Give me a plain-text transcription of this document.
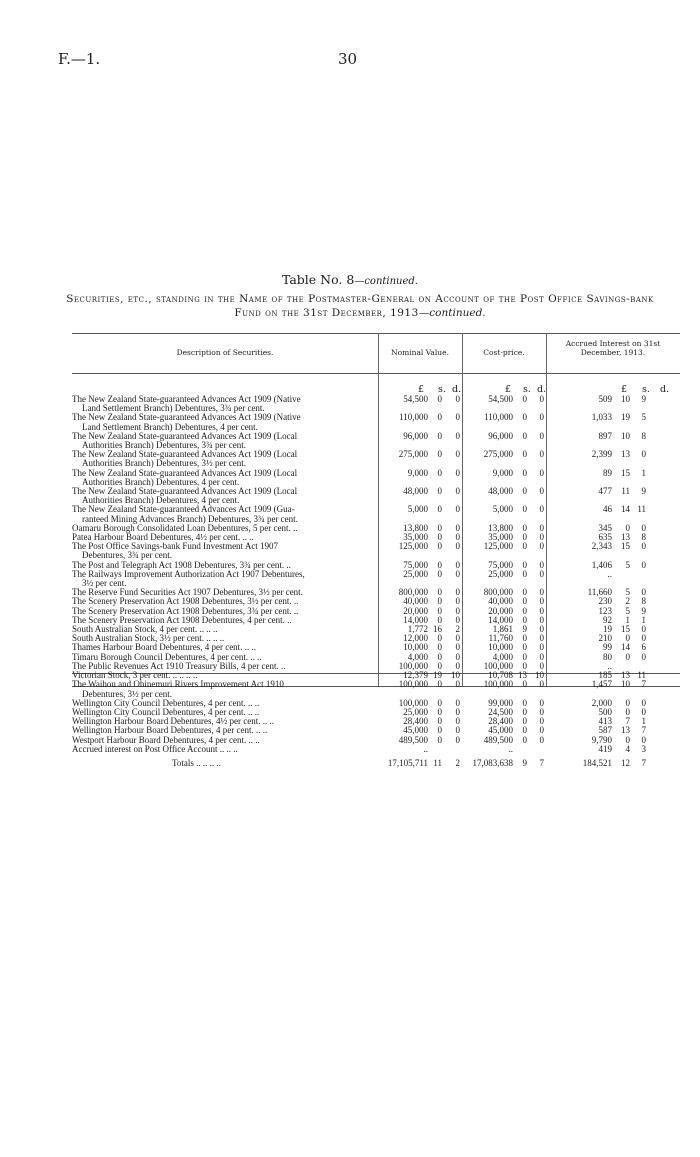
F.—1.	30
Table No. 8—continued.
Securities, etc., standing in the Name of the Postmaster-General on Account of the Post Office Savings-bank Fund on the 31st December, 1913—continued.
Description of Securities.	Nominal Value.	Cost-price.
Accrued Interest on 31st December, 1913.
£ s. d.	£ s. d.	£ s. d.
The New Zealand State-guaranteed Advances Act 1909 (Native
Land Settlement Branch) Debentures, 3¾ per cent.	54,500	0	0	54,500	0	0	509	10	9
The New Zealand State-guaranteed Advances Act 1909 (Native
Land Settlement Branch) Debentures, 4 per cent.	110,000	0	0	110,000	0	0	1,033	19	5
The New Zealand State-guaranteed Advances Act 1909 (Local
Authorities Branch) Debentures, 3¾ per cent.	96,000	0	0	96,000	0	0	897	10	8
The New Zealand State-guaranteed Advances Act 1909 (Local
Authorities Branch) Debentures, 3½ per cent.	275,000	0	0	275,000	0	0	2,399	13	0
The New Zealand State-guaranteed Advances Act 1909 (Local
Authorities Branch) Debentures, 4 per cent.	9,000	0	0	9,000	0	0	89	15	1
The New Zealand State-guaranteed Advances Act 1909 (Local
Authorities Branch) Debentures, 4 per cent.	48,000	0	0	48,000	0	0	477	11	9
The New Zealand State-guaranteed Advances Act 1909 (Gua-
ranteed Mining Advances Branch) Debentures, 3¾ per cent.	5,000	0	0	5,000	0	0	46	14	11
Oamaru Borough Consolidated Loan Debentures, 5 per cent. ..	13,800	0	0	13,800	0	0	345	0	0
Patea Harbour Board Debentures, 4½ per cent. .. ..	35,000	0	0	35,000	0	0	635	13	8
The Post Office Savings-bank Fund Investment Act 1907
Debentures, 3¾ per cent.	125,000	0	0	125,000	0	0	2,343	15	0
The Post and Telegraph Act 1908 Debentures, 3¾ per cent. ..	75,000	0	0	75,000	0	0	1,406	5	0
The Railways Improvement Authorization Act 1907 Debentures,
3½ per cent.	25,000	0	0	25,000	0	0	..		
The Reserve Fund Securities Act 1907 Debentures, 3½ per cent.	800,000	0	0	800,000	0	0	11,660	5	0
The Scenery Preservation Act 1908 Debentures, 3½ per cent. ..	40,000	0	0	40,000	0	0	230	2	8
The Scenery Preservation Act 1908 Debentures, 3¾ per cent. ..	20,000	0	0	20,000	0	0	123	5	9
The Scenery Preservation Act 1908 Debentures, 4 per cent. ..	14,000	0	0	14,000	0	0	92	1	1
South Australian Stock, 4 per cent. .. .. ..	1,772	16	2	1,861	9	0	19	15	0
South Australian Stock, 3½ per cent. .. .. ..	12,000	0	0	11,760	0	0	210	0	0
Thames Harbour Board Debentures, 4 per cent. .. ..	10,000	0	0	10,000	0	0	99	14	6
Timaru Borough Council Debentures, 4 per cent. .. ..	4,000	0	0	4,000	0	0	80	0	0
The Public Revenues Act 1910 Treasury Bills, 4 per cent. ..	100,000	0	0	100,000	0	0	..		
Victorian Stock, 3 per cent. .. .. .. ..	12,379	19	10	10,708	13	10	185	13	11
The Waihou and Ohinemuri Rivers Improvement Act 1910
Debentures, 3½ per cent.	100,000	0	0	100,000	0	0	1,457	10	7
Wellington City Council Debentures, 4 per cent. .. ..	100,000	0	0	99,000	0	0	2,000	0	0
Wellington City Council Debentures, 4 per cent. .. ..	25,000	0	0	24,500	0	0	500	0	0
Wellington Harbour Board Debentures, 4½ per cent. .. ..	28,400	0	0	28,400	0	0	413	7	1
Wellington Harbour Board Debentures, 4 per cent. .. ..	45,000	0	0	45,000	0	0	587	13	7
Westport Harbour Board Debentures, 4 per cent. .. ..	489,500	0	0	489,500	0	0	9,790	0	0
Accrued interest on Post Office Account .. .. ..	..			..			419	4	3
Totals .. .. .. ..	17,105,711	11	2	17,083,638	9	7	184,521	12	7
